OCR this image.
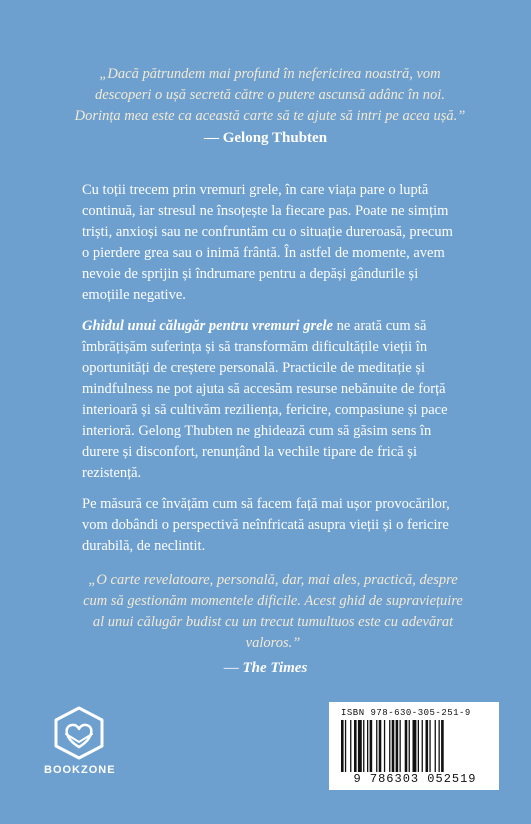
„Dacă pătrundem mai profund în nefericirea noastră, vom
descoperi o ușă secretă către o putere ascunsă adânc în noi.
Dorința mea este ca această carte să te ajute să intri pe acea ușă.”
— Gelong Thubten

Cu toții trecem prin vremuri grele, în care viața pare o luptă continuă, iar stresul ne însoțește la fiecare pas. Poate ne simțim triști, anxioși sau ne confruntăm cu o situație dureroasă, precum o pierdere grea sau o inimă frântă. În astfel de momente, avem nevoie de sprijin și îndrumare pentru a depăși gândurile și emoțiile negative.

Ghidul unui călugăr pentru vremuri grele ne arată cum să îmbrățișăm suferința și să transformăm dificultățile vieții în oportunități de creștere personală. Practicile de meditație și mindfulness ne pot ajuta să accesăm resurse nebănuite de forță interioară și să cultivăm reziliența, fericire, compasiune și pace interioră. Gelong Thubten ne ghidează cum să găsim sens în durere și disconfort, renunțând la vechile tipare de frică și rezistență.

Pe măsură ce învățăm cum să facem față mai ușor provocărilor, vom dobândi o perspectivă neînfricată asupra vieții și o fericire durabilă, de neclintit.

„O carte revelatoare, personală, dar, mai ales, practică, despre cum să gestionăm momentele dificile. Acest ghid de supraviețuire al unui călugăr budist cu un trecut tumultuos este cu adevărat valoros.”
— The Times
BOOKZONE
ISBN 978-630-305-251-9
9 786303 052519
